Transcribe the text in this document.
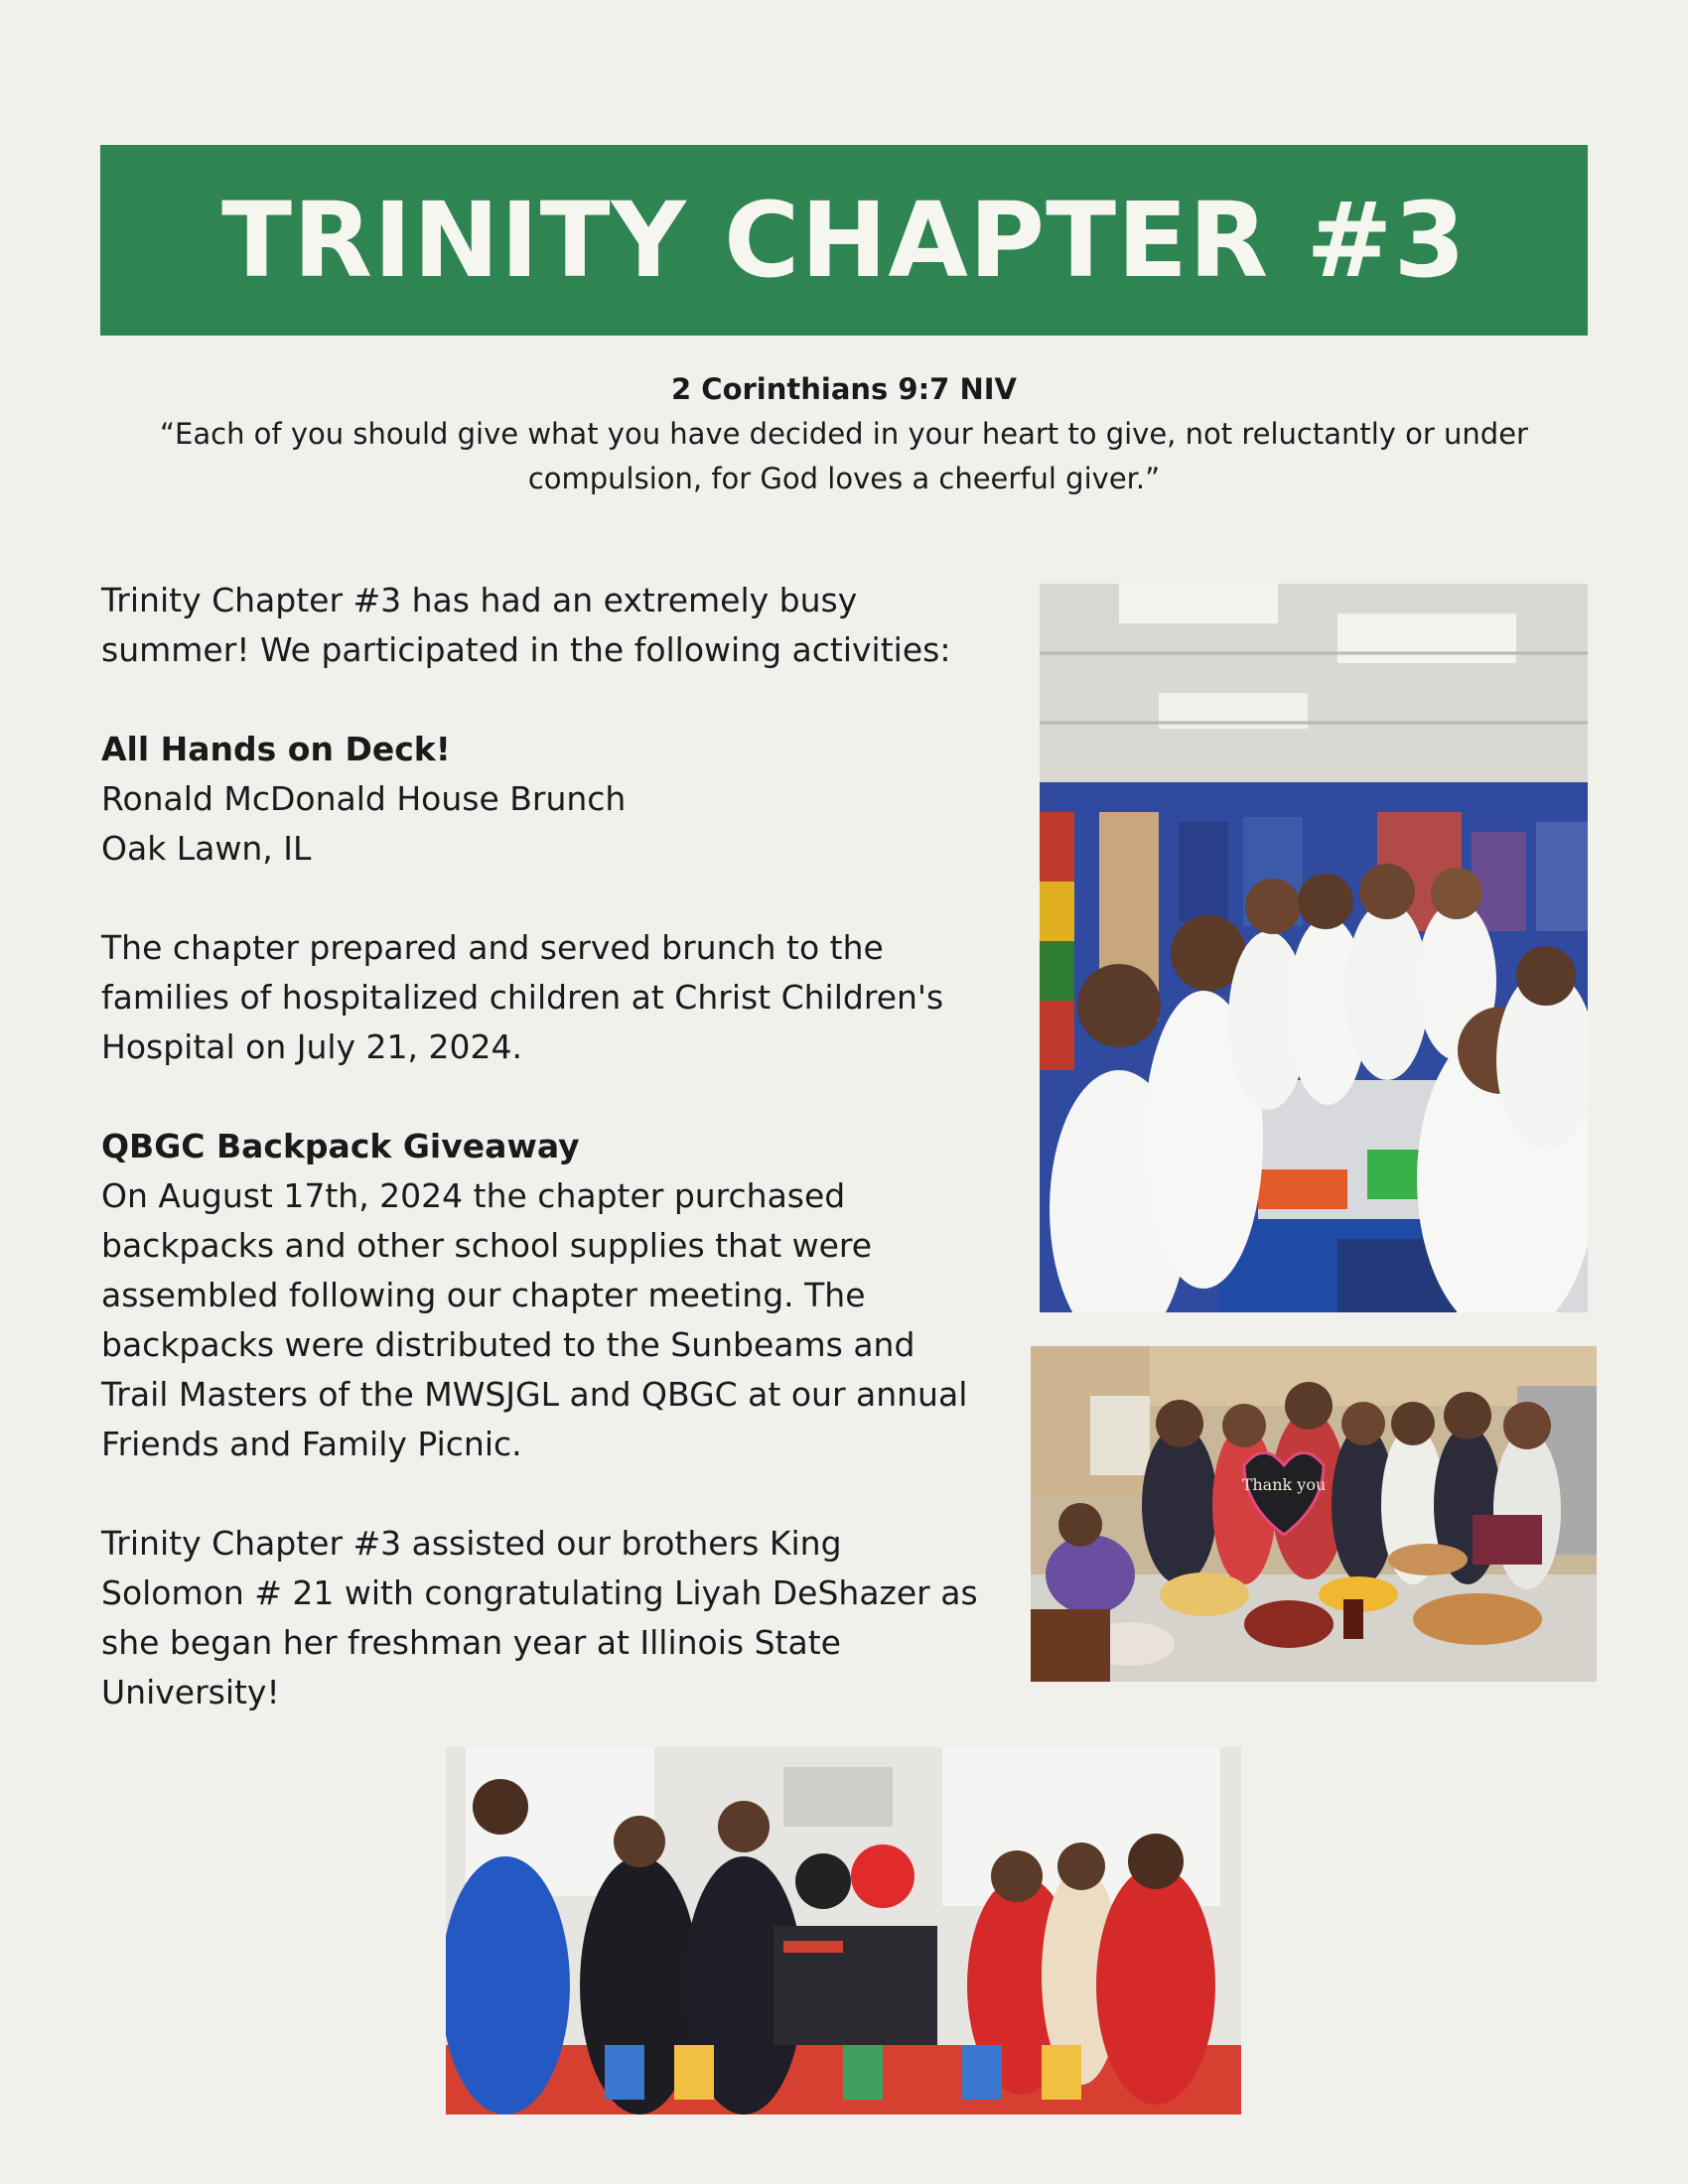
TRINITY CHAPTER #3
2 Corinthians 9:7 NIV
“Each of you should give what you have decided in your heart to give, not reluctantly or under
compulsion, for God loves a cheerful giver.”

Trinity Chapter #3 has had an extremely busy
summer! We participated in the following activities:

All Hands on Deck!
Ronald McDonald House Brunch
Oak Lawn, IL

The chapter prepared and served brunch to the
families of hospitalized children at Christ Children's
Hospital on July 21, 2024.

QBGC Backpack Giveaway
On August 17th, 2024 the chapter purchased
backpacks and other school supplies that were
assembled following our chapter meeting. The
backpacks were distributed to the Sunbeams and
Trail Masters of the MWSJGL and QBGC at our annual
Friends and Family Picnic.

Trinity Chapter #3 assisted our brothers King
Solomon # 21 with congratulating Liyah DeShazer as
she began her freshman year at Illinois State
University!

Thank you
